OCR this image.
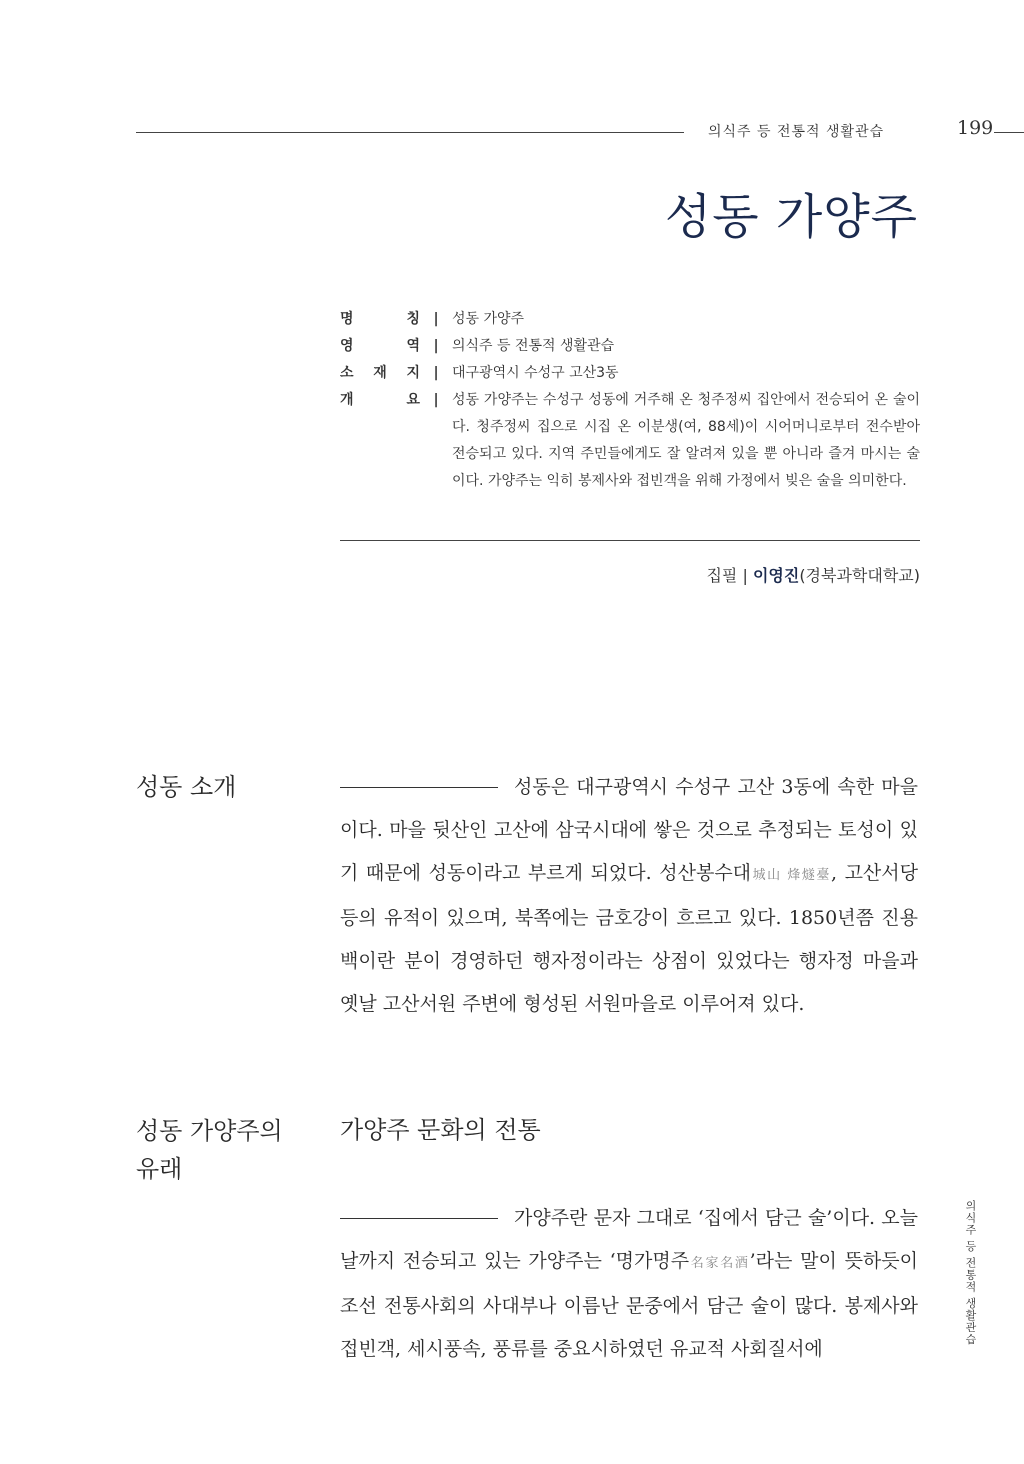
의식주 등 전통적 생활관습	199
성동 가양주
명	칭 | 성동 가양주
영	역 | 의식주 등 전통적 생활관습
소 재 지 | 대구광역시 수성구 고산3동
개	요 | 성동 가양주는 수성구 성동에 거주해 온 청주정씨 집안에서 전승되어 온 술이다. 청주정씨 집으로 시집 온 이분생(여, 88세)이 시어머니로부터 전수받아 전승되고 있다. 지역 주민들에게도 잘 알려져 있을 뿐 아니라 즐겨 마시는 술이다. 가양주는 익히 봉제사와 접빈객을 위해 가정에서 빚은 술을 의미한다.
집필 | 이영진(경북과학대학교)
성동 소개	성동은 대구광역시 수성구 고산 3동에 속한 마을이다. 마을 뒷산인 고산에 삼국시대에 쌓은 것으로 추정되는 토성이 있기 때문에 성동이라고 부르게 되었다. 성산봉수대城山 烽燧臺, 고산서당 등의 유적이 있으며, 북쪽에는 금호강이 흐르고 있다. 1850년쯤 진용백이란 분이 경영하던 행자정이라는 상점이 있었다는 행자정 마을과 옛날 고산서원 주변에 형성된 서원마을로 이루어져 있다.

성동 가양주의
유래
가양주 문화의 전통

가양주란 문자 그대로 ‘집에서 담근 술’이다. 오늘날까지 전승되고 있는 가양주는 ‘명가명주名家名酒’라는 말이 뜻하듯이 조선 전통사회의 사대부나 이름난 문중에서 담근 술이 많다. 봉제사와 접빈객, 세시풍속, 풍류를 중요시하였던 유교적 사회질서에

의식주 등 전통적 생활관습
